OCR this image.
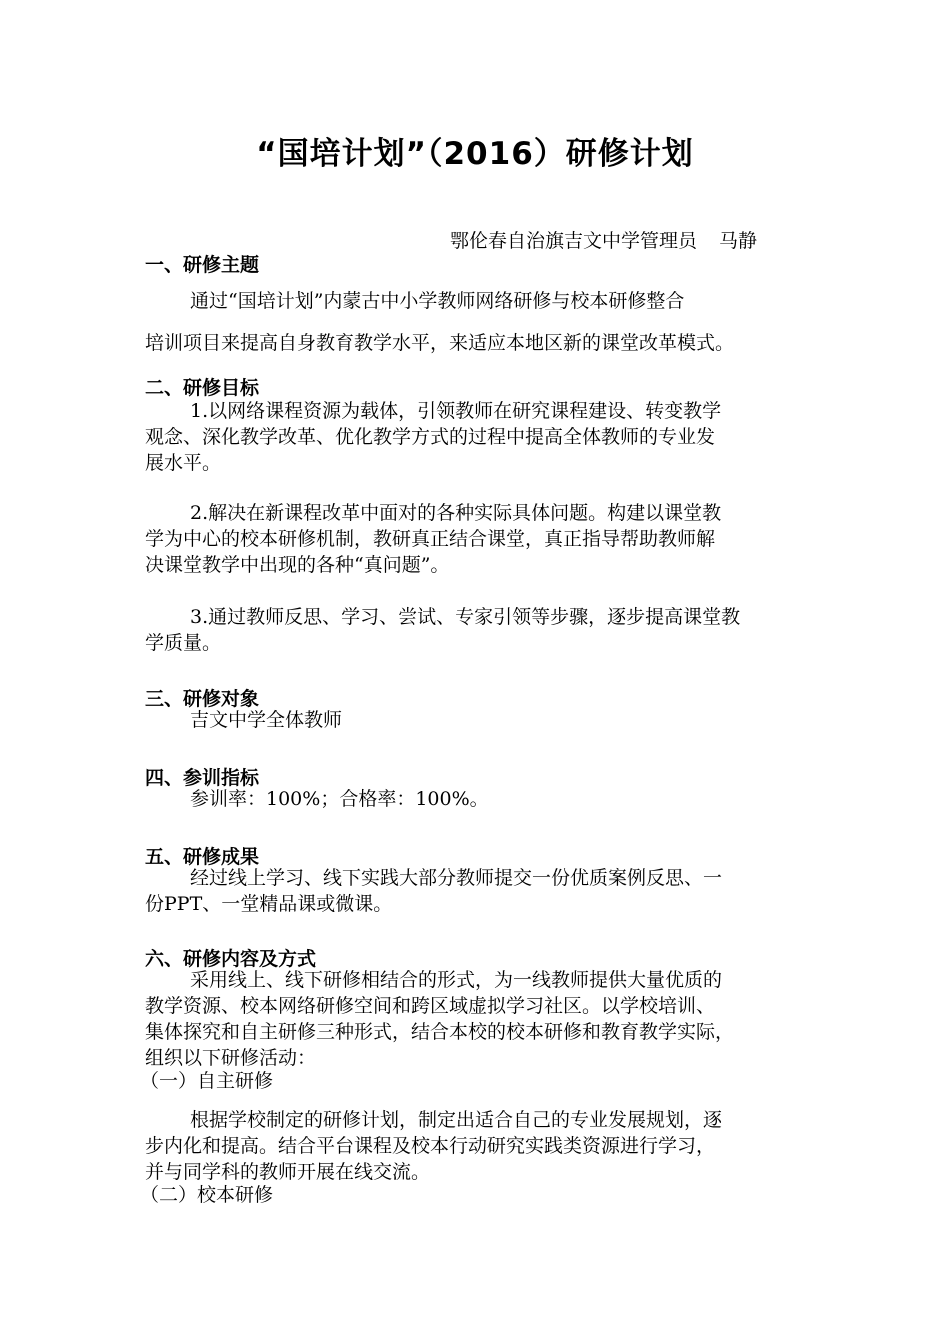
“国培计划”（2016）研修计划
鄂伦春自治旗吉文中学管理员 马静
一、研修主题
通过“国培计划”内蒙古中小学教师网络研修与校本研修整合
培训项目来提高自身教育教学水平，来适应本地区新的课堂改革模式。
二、研修目标
1.以网络课程资源为载体，引领教师在研究课程建设、转变教学
观念、深化教学改革、优化教学方式的过程中提高全体教师的专业发
展水平。
2.解决在新课程改革中面对的各种实际具体问题。构建以课堂教
学为中心的校本研修机制，教研真正结合课堂，真正指导帮助教师解
决课堂教学中出现的各种“真问题”。
3.通过教师反思、学习、尝试、专家引领等步骤，逐步提高课堂教
学质量。
三、研修对象
吉文中学全体教师
四、参训指标
参训率：100%；合格率：100%。
五、研修成果
经过线上学习、线下实践大部分教师提交一份优质案例反思、一
份PPT、一堂精品课或微课。
六、研修内容及方式
采用线上、线下研修相结合的形式，为一线教师提供大量优质的
教学资源、校本网络研修空间和跨区域虚拟学习社区。以学校培训、
集体探究和自主研修三种形式，结合本校的校本研修和教育教学实际，
组织以下研修活动：
（一）自主研修
根据学校制定的研修计划，制定出适合自己的专业发展规划，逐
步内化和提高。结合平台课程及校本行动研究实践类资源进行学习，
并与同学科的教师开展在线交流。
（二）校本研修
